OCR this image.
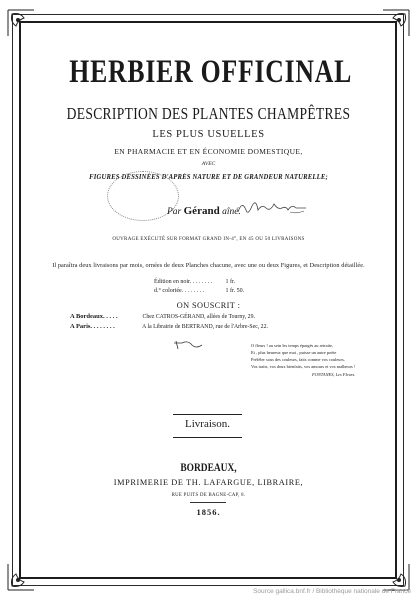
HERBIER OFFICINAL
DESCRIPTION DES PLANTES CHAMPÊTRES
LES PLUS USUELLES
EN PHARMACIE ET EN ÉCONOMIE DOMESTIQUE,
AVEC
FIGURES DESSINÉES D'APRÈS NATURE ET DE GRANDEUR NATURELLE;
Par Gérand aîné.
OUVRAGE EXÉCUTÉ SUR FORMAT GRAND IN-4°, EN 45 OU 50 LIVRAISONS
Il paraîtra deux livraisons par mois, ornées de deux Planches chacune, avec une ou deux Figures, et Description détaillée.
Édition en noir. . . . . . . . 1 fr.
d.° coloriée. . . . . . . .	1 fr. 50.
ON SOUSCRIT :
A Bordeaux. . . . .	Chez CATROS-GÉRAND, allées de Tourny, 29.
A Paris. . . . . . . .	A la Librairie de BERTRAND, rue de l'Arbre-Sec, 22.
O fleurs ! au sein les temps épargés au retraite,
Et , plus heureux que moi , puisse un autre poète
Préféler sous des couleurs, faits comme vos couleurs,
Vos traits, vos doux bienfaits, vos amours et vos malheurs !
FONTANES, Les Fleurs.
Livraison.
BORDEAUX,
IMPRIMERIE DE TH. LAFARGUE, LIBRAIRE,
RUE PUITS DE BAGNE-CAP, 8.
1856.
Source gallica.bnf.fr / Bibliothèque nationale de France
